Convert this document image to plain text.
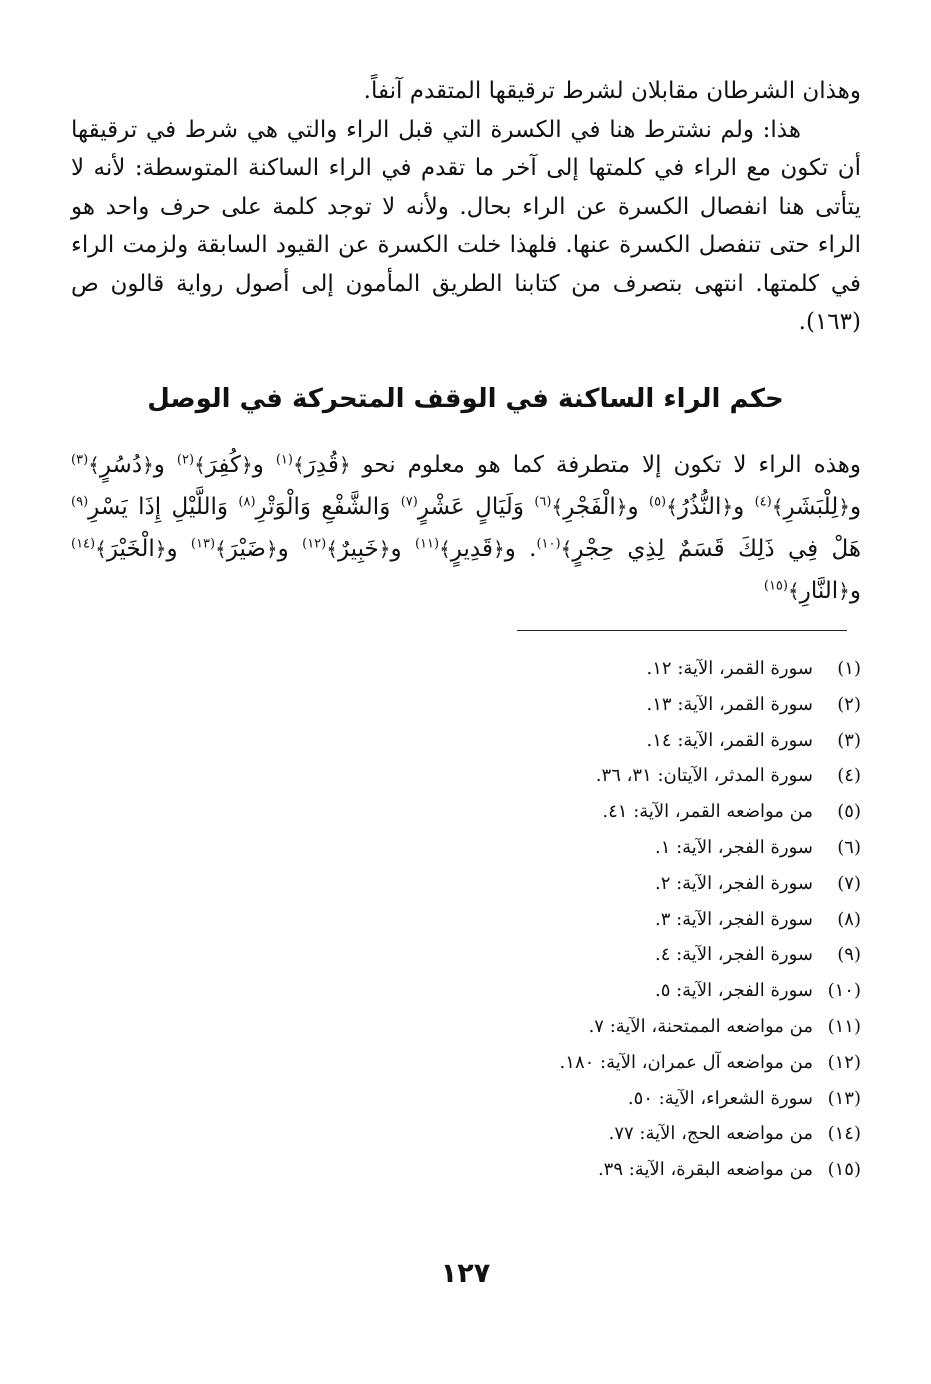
وهذان الشرطان مقابلان لشرط ترقيقها المتقدم آنفاً.

هذا: ولم نشترط هنا في الكسرة التي قبل الراء والتي هي شرط في ترقيقها أن تكون مع الراء في كلمتها إلى آخر ما تقدم في الراء الساكنة المتوسطة: لأنه لا يتأتى هنا انفصال الكسرة عن الراء بحال. ولأنه لا توجد كلمة على حرف واحد هو الراء حتى تنفصل الكسرة عنها. فلهذا خلت الكسرة عن القيود السابقة ولزمت الراء في كلمتها. انتهى بتصرف من كتابنا الطريق المأمون إلى أصول رواية قالون ص (١٦٣).

حكم الراء الساكنة في الوقف المتحركة في الوصل

وهذه الراء لا تكون إلا متطرفة كما هو معلوم نحو ﴿قُدِرَ﴾$^{(١)}$ و﴿كُفِرَ﴾$^{(٢)}$ و﴿دُسُرٍ﴾$^{(٣)}$ و﴿لِلْبَشَرِ﴾$^{(٤)}$ و﴿النُّذُرُ﴾$^{(٥)}$ و﴿الْفَجْرِ﴾$^{(٦)}$ وَلَيَالٍ عَشْرٍ$^{(٧)}$ وَالشَّفْعِ وَالْوَتْرِ$^{(٨)}$ وَاللَّيْلِ إِذَا يَسْرِ$^{(٩)}$ هَلْ فِي ذَلِكَ قَسَمٌ لِذِي حِجْرٍ﴾$^{(١٠)}$. و﴿قَدِيرٍ﴾$^{(١١)}$ و﴿خَبِيرٌ﴾$^{(١٢)}$ و﴿ضَيْرَ﴾$^{(١٣)}$ و﴿الْخَيْرَ﴾$^{(١٤)}$ و﴿النَّارِ﴾$^{(١٥)}$

(١)سورة القمر، الآية: ١٢.
(٢)سورة القمر، الآية: ١٣.
(٣)سورة القمر، الآية: ١٤.
(٤)سورة المدثر، الآيتان: ٣١، ٣٦.
(٥)من مواضعه القمر، الآية: ٤١.
(٦)سورة الفجر، الآية: ١.
(٧)سورة الفجر، الآية: ٢.
(٨)سورة الفجر، الآية: ٣.
(٩)سورة الفجر، الآية: ٤.
(١٠)سورة الفجر، الآية: ٥.
(١١)من مواضعه الممتحنة، الآية: ٧.
(١٢)من مواضعه آل عمران، الآية: ١٨٠.
(١٣)سورة الشعراء، الآية: ٥٠.
(١٤)من مواضعه الحج، الآية: ٧٧.
(١٥)من مواضعه البقرة، الآية: ٣٩.
١٢٧
